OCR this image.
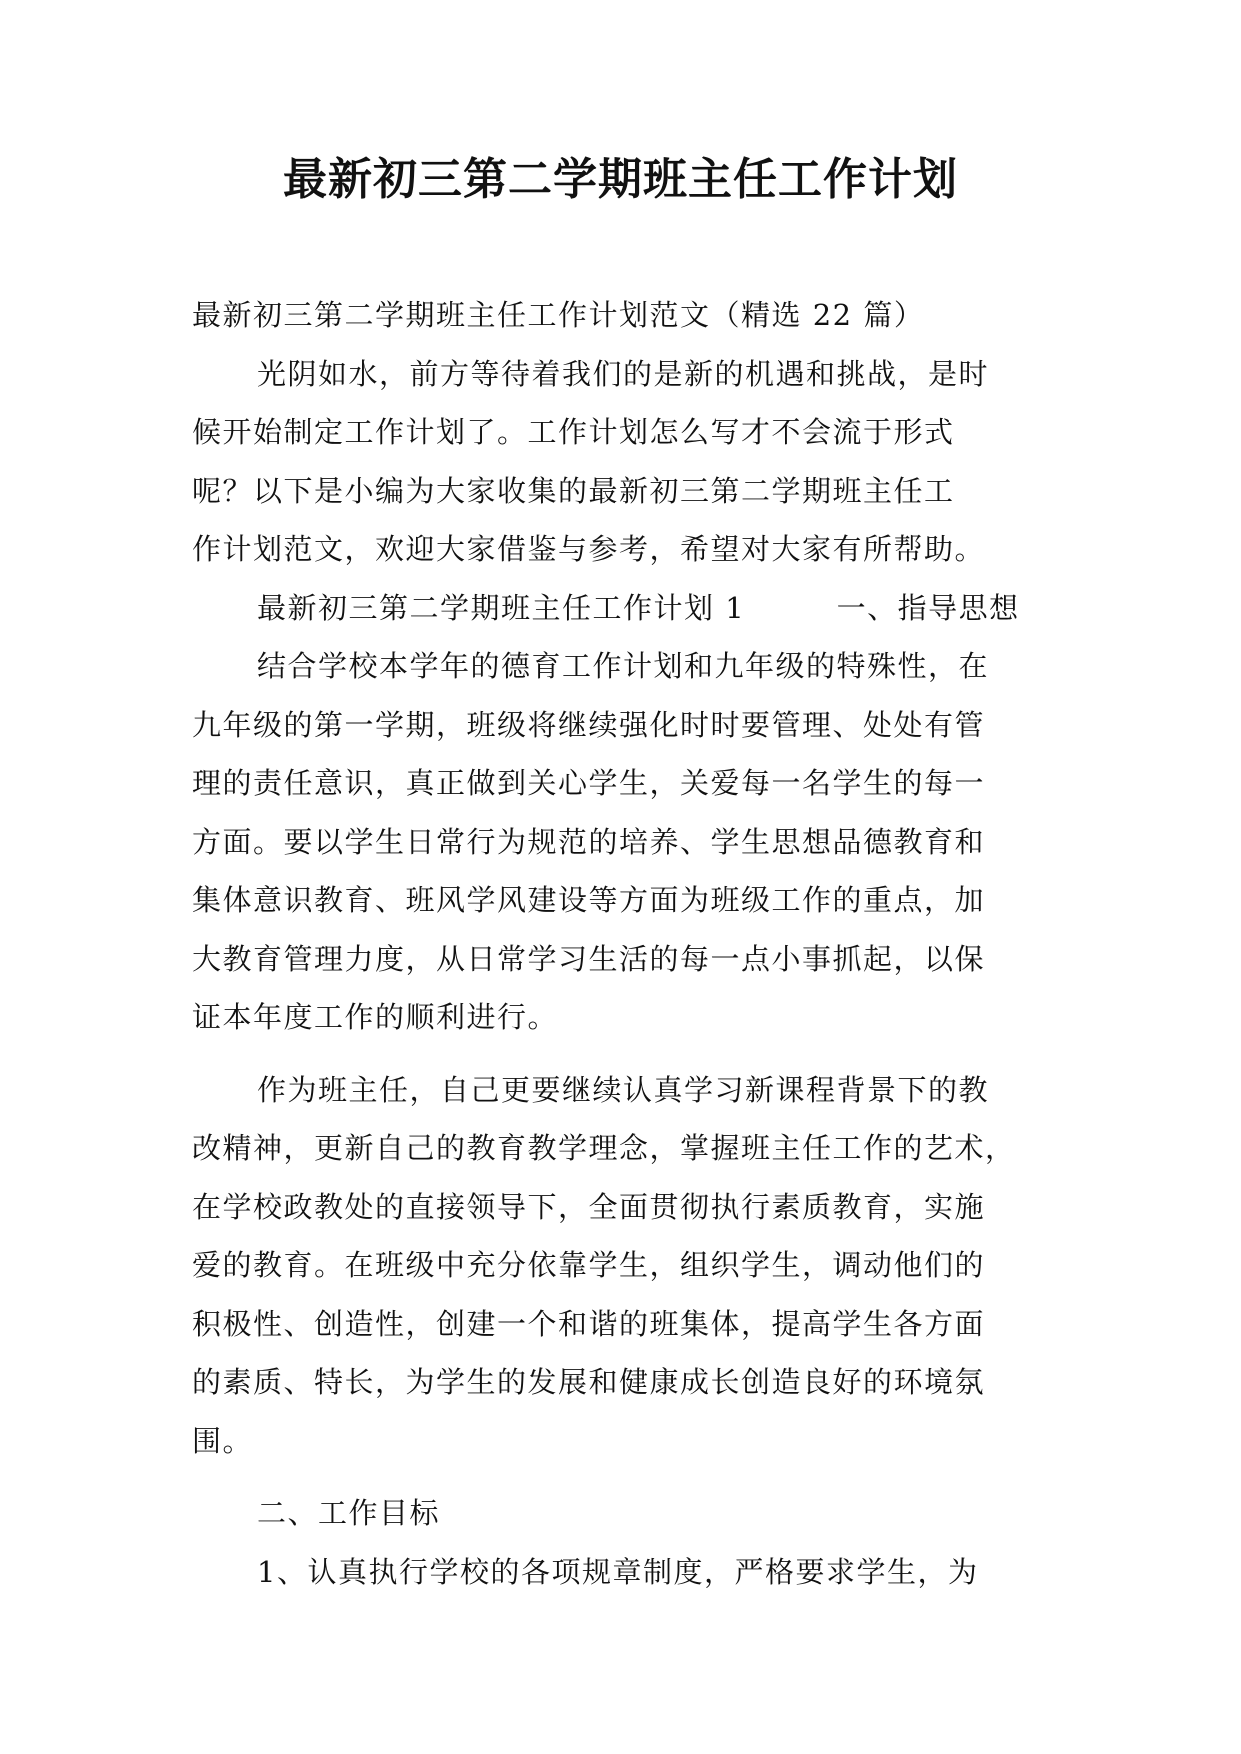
最新初三第二学期班主任工作计划
最新初三第二学期班主任工作计划范文（精选 22 篇）
光阴如水，前方等待着我们的是新的机遇和挑战，是时
候开始制定工作计划了。工作计划怎么写才不会流于形式
呢？以下是小编为大家收集的最新初三第二学期班主任工
作计划范文，欢迎大家借鉴与参考，希望对大家有所帮助。
最新初三第二学期班主任工作计划 1　　　一、指导思想
结合学校本学年的德育工作计划和九年级的特殊性，在
九年级的第一学期，班级将继续强化时时要管理、处处有管
理的责任意识，真正做到关心学生，关爱每一名学生的每一
方面。要以学生日常行为规范的培养、学生思想品德教育和
集体意识教育、班风学风建设等方面为班级工作的重点，加
大教育管理力度，从日常学习生活的每一点小事抓起，以保
证本年度工作的顺利进行。
作为班主任，自己更要继续认真学习新课程背景下的教
改精神，更新自己的教育教学理念，掌握班主任工作的艺术，
在学校政教处的直接领导下，全面贯彻执行素质教育，实施
爱的教育。在班级中充分依靠学生，组织学生，调动他们的
积极性、创造性，创建一个和谐的班集体，提高学生各方面
的素质、特长，为学生的发展和健康成长创造良好的环境氛
围。
二、工作目标
1、认真执行学校的各项规章制度，严格要求学生，为
